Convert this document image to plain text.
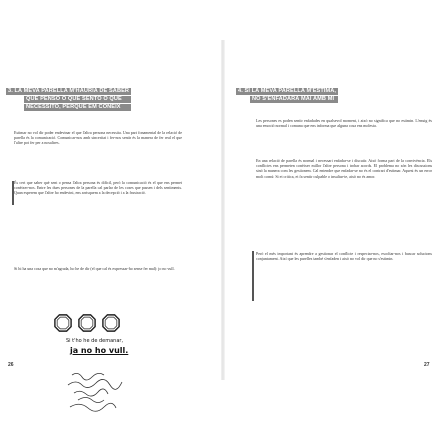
3. LA MEVA PARELLA M'HAURIA DE SABER
QUE PENSO O QUE SENTO O QUE
NECESSITO, PERQUÈ EM CONEIX

Estimar no vol dir poder endevinar el que l'altra persona necessita. Una part fonamental de la relació de parella és la comunicació. Comunicar-nos amb sinceritat i fer-nos sentir és la manera de fer real el que l'altre pot fer per a nosaltres.

És cert que saber què sent o pensa l'altra persona és difícil, però la comunicació és el que ens permet conèixer-nos. Entre les dues persones de la parella cal parlar de les coses que passen i dels sentiments. Quan esperem que l'altre ho endevini, ens arrisquem a la decepció i a la frustració.

Si hi ha una cosa que no m'agrada, ho he de dir (el que cal és expressar-ho sense fer mal): jo no vull.

Si t'ho he de demanar,
ja no ho vull.
26
4. SI LA MEVA PARELLA M'ESTIMA,
NO S'ENFADARÀ MAI AMB MI

Les persones es poden sentir enfadades en qualsevol moment, i això no significa que no estimin. L'enuig és una emoció normal i comuna que ens informa que alguna cosa ens molesta.

En una relació de parella és normal i necessari enfadar-se i discutir. Això forma part de la convivència. Els conflictes ens permeten conèixer millor l'altre persona i trobar acords. El problema no són les discussions sinó la manera com les gestionem. Cal entendre que enfadar-se no és el contrari d'estimar. Aquest és un error molt comú: Si et critica, et fa sentir culpable o insultar-te, això no és amor.

Però el més important és aprendre a gestionar el conflicte i respectar-nos, escoltar-nos i buscar solucions conjuntament. Així que les parelles també s'enfaden i això no vol dir que no s'estimin.

27
